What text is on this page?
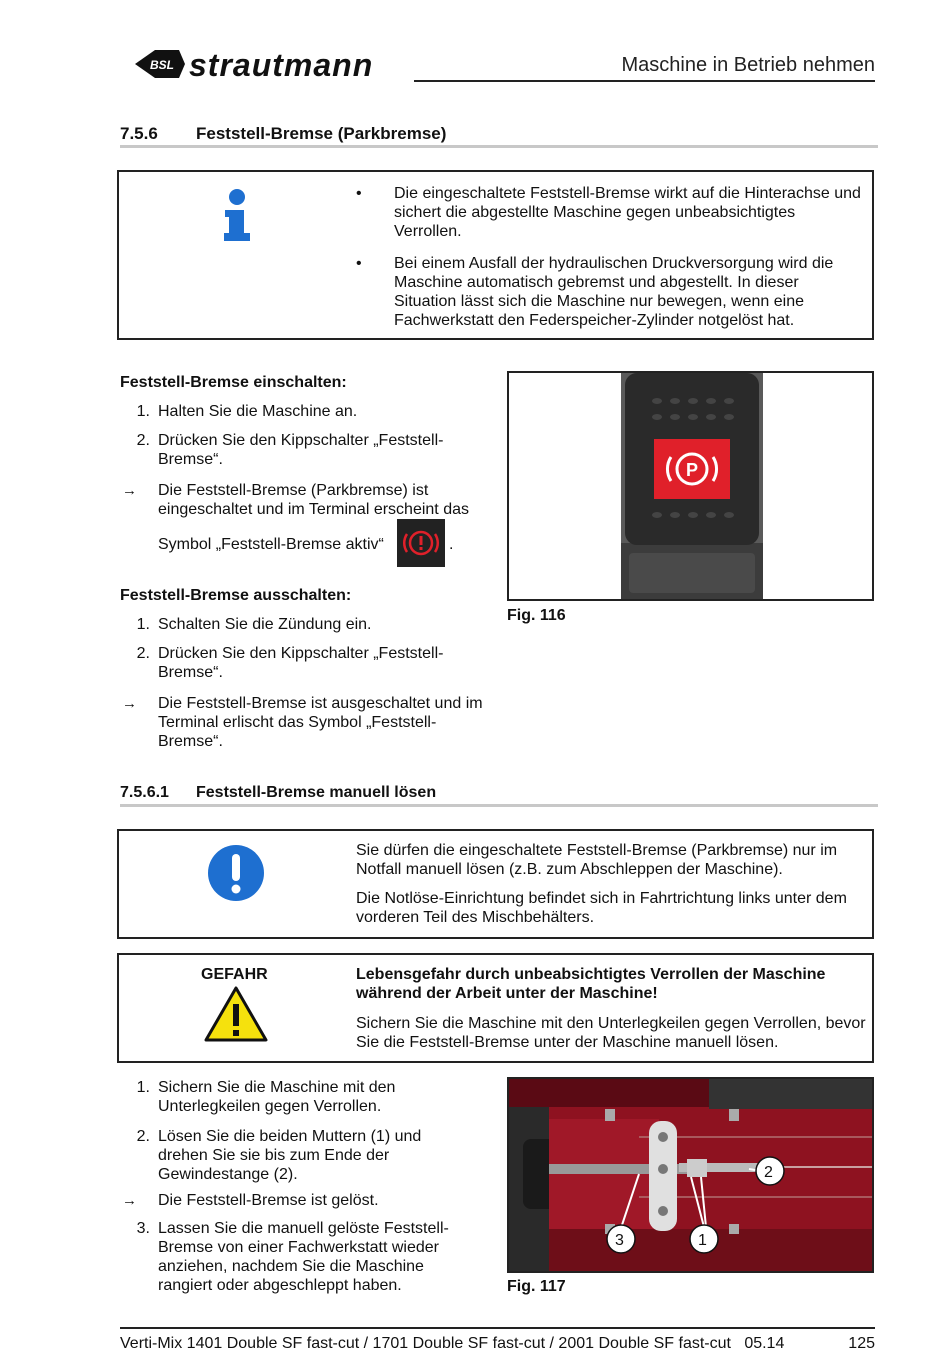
BSL strautmann	Maschine in Betrieb nehmen
7.5.6 Feststell-Bremse (Parkbremse)
• Die eingeschaltete Feststell-Bremse wirkt auf die Hinterachse und sichert die abgestellte Maschine gegen unbeabsichtigtes Verrollen.
• Bei einem Ausfall der hydraulischen Druckversorgung wird die Maschine automatisch gebremst und abgestellt. In dieser Situation lässt sich die Maschine nur bewegen, wenn eine Fachwerkstatt den Federspeicher-Zylinder notgelöst hat.
Feststell-Bremse einschalten:
1. Halten Sie die Maschine an.
2. Drücken Sie den Kippschalter „Feststell-Bremse“.
→ Die Feststell-Bremse (Parkbremse) ist eingeschaltet und im Terminal erscheint das
Symbol „Feststell-Bremse aktiv“	.
Feststell-Bremse ausschalten:
1. Schalten Sie die Zündung ein.
2. Drücken Sie den Kippschalter „Feststell-Bremse“.
→ Die Feststell-Bremse ist ausgeschaltet und im Terminal erlischt das Symbol „Feststell-Bremse“.
P
Fig. 116
7.5.6.1 Feststell-Bremse manuell lösen
Sie dürfen die eingeschaltete Feststell-Bremse (Parkbremse) nur im Notfall manuell lösen (z.B. zum Abschleppen der Maschine).
Die Notlöse-Einrichtung befindet sich in Fahrtrichtung links unter dem vorderen Teil des Mischbehälters.
GEFAHR	Lebensgefahr durch unbeabsichtigtes Verrollen der Maschine während der Arbeit unter der Maschine!
Sichern Sie die Maschine mit den Unterlegkeilen gegen Verrollen, bevor Sie die Feststell-Bremse unter der Maschine manuell lösen.
1. Sichern Sie die Maschine mit den Unterlegkeilen gegen Verrollen.
2. Lösen Sie die beiden Muttern (1) und drehen Sie sie bis zum Ende der Gewindestange (2).
→ Die Feststell-Bremse ist gelöst.
3. Lassen Sie die manuell gelöste Feststell-Bremse von einer Fachwerkstatt wieder anziehen, nachdem Sie die Maschine rangiert oder abgeschleppt haben.
3	1
2
Fig. 117
Verti-Mix 1401 Double SF fast-cut / 1701 Double SF fast-cut / 2001 Double SF fast-cut 05.14	125
